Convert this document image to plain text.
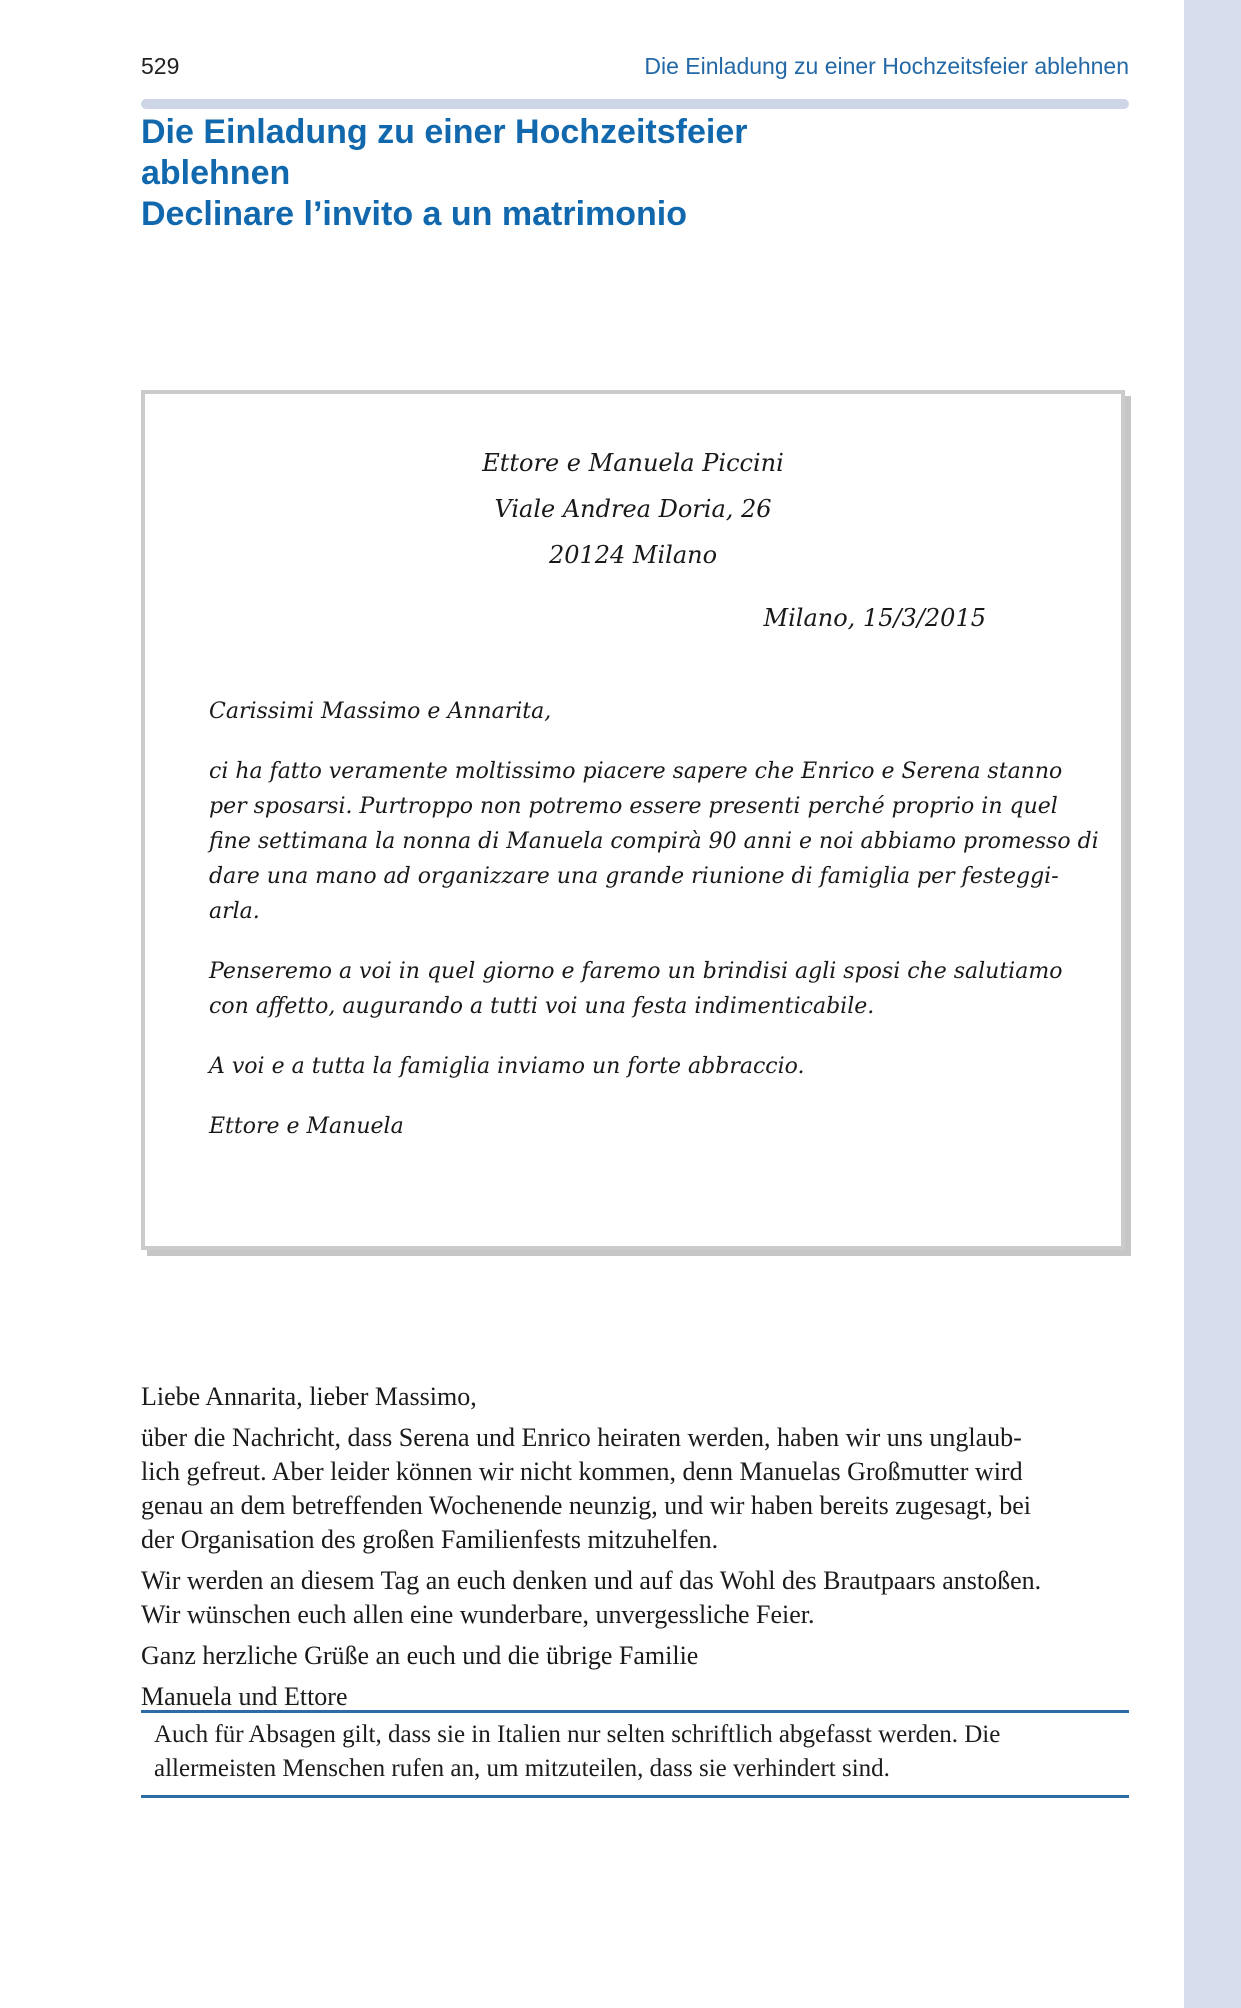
529	Die Einladung zu einer Hochzeitsfeier ablehnen
Die Einladung zu einer Hochzeitsfeier
ablehnen
Declinare l’invito a un matrimonio
Ettore e Manuela Piccini
Viale Andrea Doria, 26
20124 Milano
Milano, 15/3/2015
Carissimi Massimo e Annarita,
ci ha fatto veramente moltissimo piacere sapere che Enrico e Serena stanno
per sposarsi. Purtroppo non potremo essere presenti perché proprio in quel
fine settimana la nonna di Manuela compirà 90 anni e noi abbiamo promesso di
dare una mano ad organizzare una grande riunione di famiglia per festeggi-
arla.
Penseremo a voi in quel giorno e faremo un brindisi agli sposi che salutiamo
con affetto, augurando a tutti voi una festa indimenticabile.
A voi e a tutta la famiglia inviamo un forte abbraccio.
Ettore e Manuela
Liebe Annarita, lieber Massimo,
über die Nachricht, dass Serena und Enrico heiraten werden, haben wir uns unglaub-
lich gefreut. Aber leider können wir nicht kommen, denn Manuelas Großmutter wird
genau an dem betreffenden Wochenende neunzig, und wir haben bereits zugesagt, bei
der Organisation des großen Familienfests mitzuhelfen.
Wir werden an diesem Tag an euch denken und auf das Wohl des Brautpaars anstoßen.
Wir wünschen euch allen eine wunderbare, unvergessliche Feier.
Ganz herzliche Grüße an euch und die übrige Familie
Manuela und Ettore
Auch für Absagen gilt, dass sie in Italien nur selten schriftlich abgefasst werden. Die
allermeisten Menschen rufen an, um mitzuteilen, dass sie verhindert sind.
